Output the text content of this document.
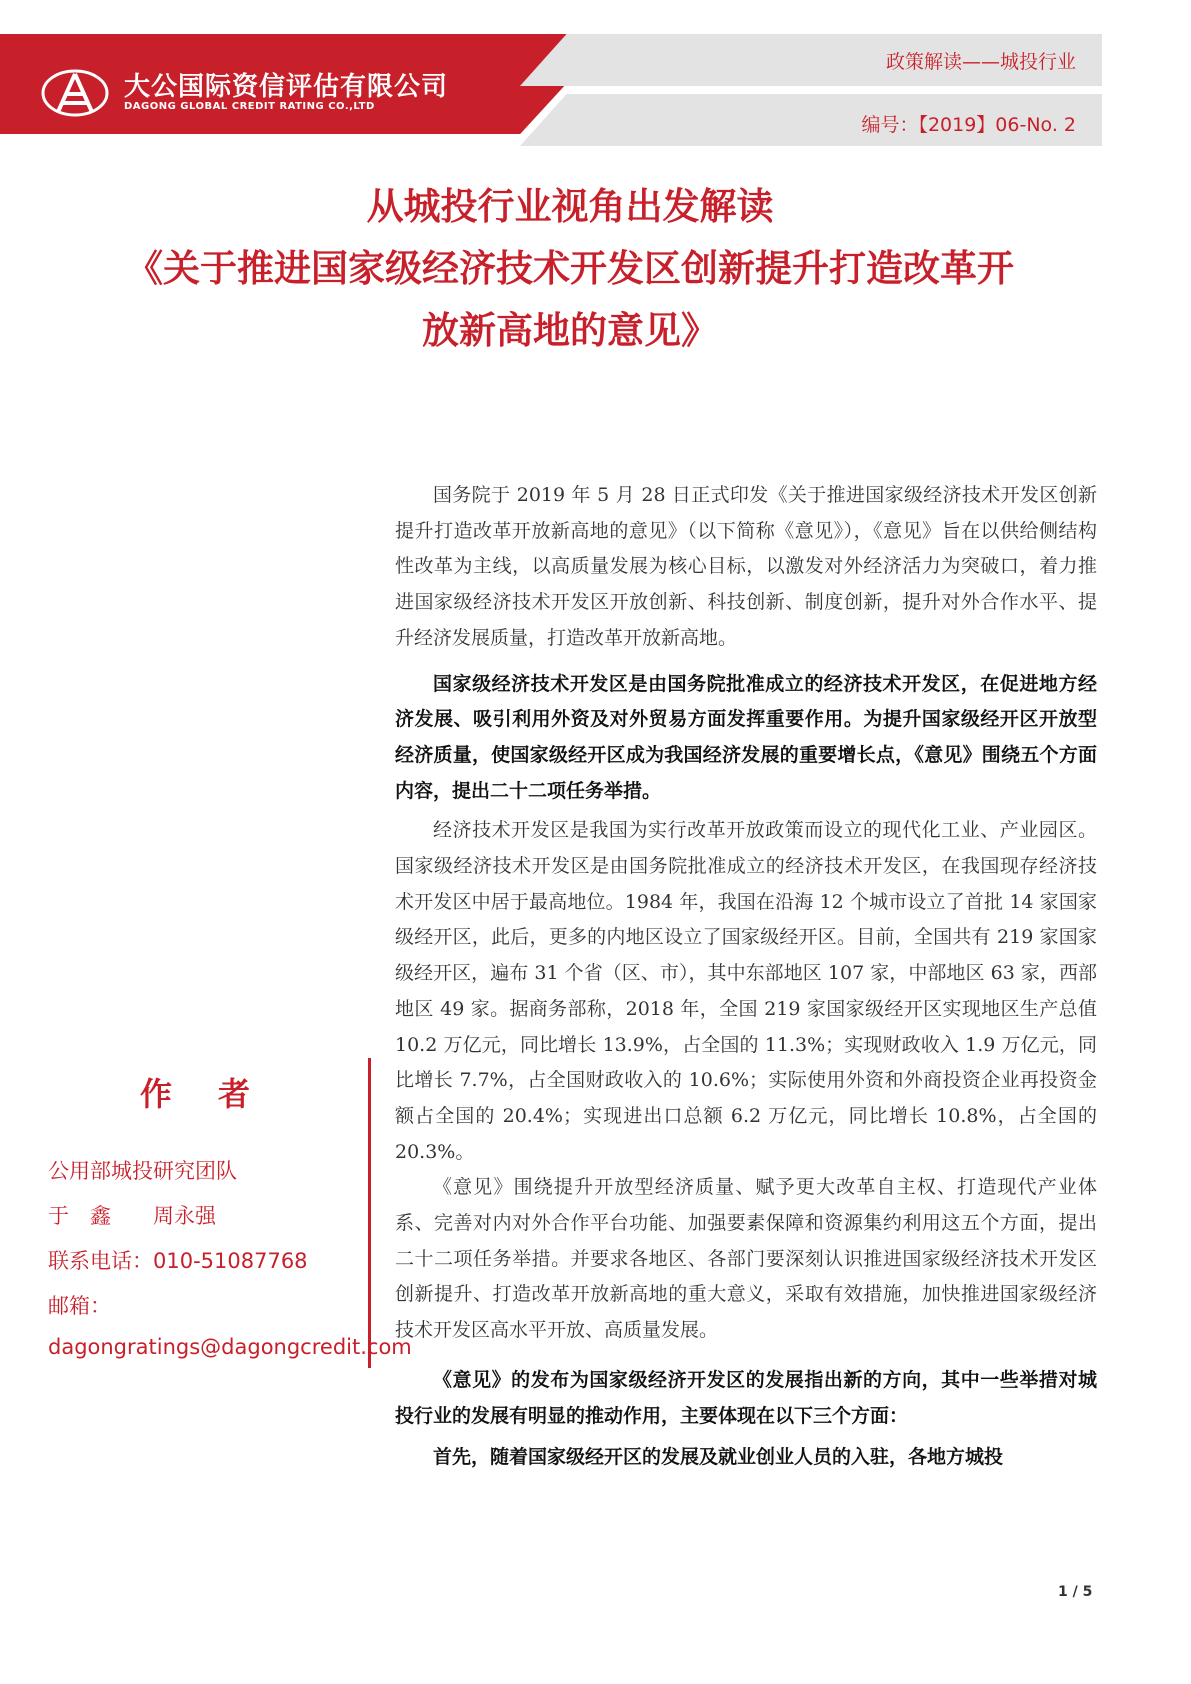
大公国际资信评估有限公司
DAGONG GLOBAL CREDIT RATING CO.,LTD
政策解读——城投行业
编号：【2019】06-No. 2
从城投行业视角出发解读
《关于推进国家级经济技术开发区创新提升打造改革开
放新高地的意见》
作者
公用部城投研究团队
于　鑫　　周永强
联系电话：010-51087768
邮箱：
dagongratings@dagongcredit.com

国务院于 2019 年 5 月 28 日正式印发《关于推进国家级经济技术开发区创新提升打造改革开放新高地的意见》（以下简称《意见》），《意见》旨在以供给侧结构性改革为主线，以高质量发展为核心目标，以激发对外经济活力为突破口，着力推进国家级经济技术开发区开放创新、科技创新、制度创新，提升对外合作水平、提升经济发展质量，打造改革开放新高地。

国家级经济技术开发区是由国务院批准成立的经济技术开发区，在促进地方经济发展、吸引利用外资及对外贸易方面发挥重要作用。为提升国家级经开区开放型经济质量，使国家级经开区成为我国经济发展的重要增长点，《意见》围绕五个方面内容，提出二十二项任务举措。

经济技术开发区是我国为实行改革开放政策而设立的现代化工业、产业园区。国家级经济技术开发区是由国务院批准成立的经济技术开发区，在我国现存经济技术开发区中居于最高地位。1984 年，我国在沿海 12 个城市设立了首批 14 家国家级经开区，此后，更多的内地区设立了国家级经开区。目前，全国共有 219 家国家级经开区，遍布 31 个省（区、市），其中东部地区 107 家，中部地区 63 家，西部地区 49 家。据商务部称，2018 年，全国 219 家国家级经开区实现地区生产总值 10.2 万亿元，同比增长 13.9%，占全国的 11.3%；实现财政收入 1.9 万亿元，同比增长 7.7%，占全国财政收入的 10.6%；实际使用外资和外商投资企业再投资金额占全国的 20.4%；实现进出口总额 6.2 万亿元，同比增长 10.8%，占全国的 20.3%。

《意见》围绕提升开放型经济质量、赋予更大改革自主权、打造现代产业体系、完善对内对外合作平台功能、加强要素保障和资源集约利用这五个方面，提出二十二项任务举措。并要求各地区、各部门要深刻认识推进国家级经济技术开发区创新提升、打造改革开放新高地的重大意义，采取有效措施，加快推进国家级经济技术开发区高水平开放、高质量发展。

《意见》的发布为国家级经济开发区的发展指出新的方向，其中一些举措对城投行业的发展有明显的推动作用，主要体现在以下三个方面：

首先，随着国家级经开区的发展及就业创业人员的入驻，各地方城投

1 / 5
